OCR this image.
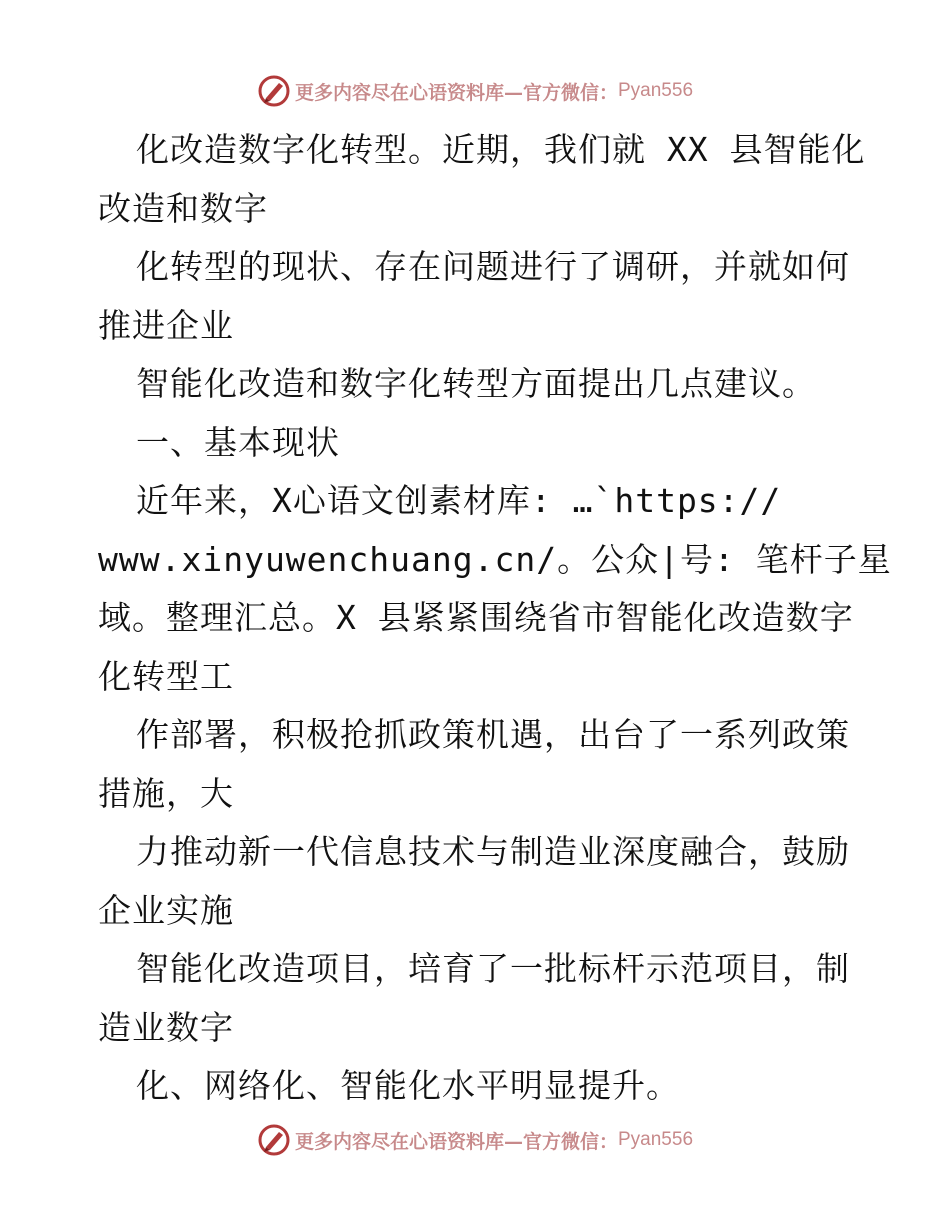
更多内容尽在心语资料库—官方微信： Pyan556
化改造数字化转型。近期，我们就 XX 县智能化
改造和数字
化转型的现状、存在问题进行了调研，并就如何
推进企业
智能化改造和数字化转型方面提出几点建议。
一、基本现状
近年来，X心语文创素材库: …`https://
www.xinyuwenchuang.cn/。公众|号: 笔杆子星
域。整理汇总。X 县紧紧围绕省市智能化改造数字
化转型工
作部署，积极抢抓政策机遇，出台了一系列政策
措施，大
力推动新一代信息技术与制造业深度融合，鼓励
企业实施
智能化改造项目，培育了一批标杆示范项目，制
造业数字
化、网络化、智能化水平明显提升。
更多内容尽在心语资料库—官方微信： Pyan556
